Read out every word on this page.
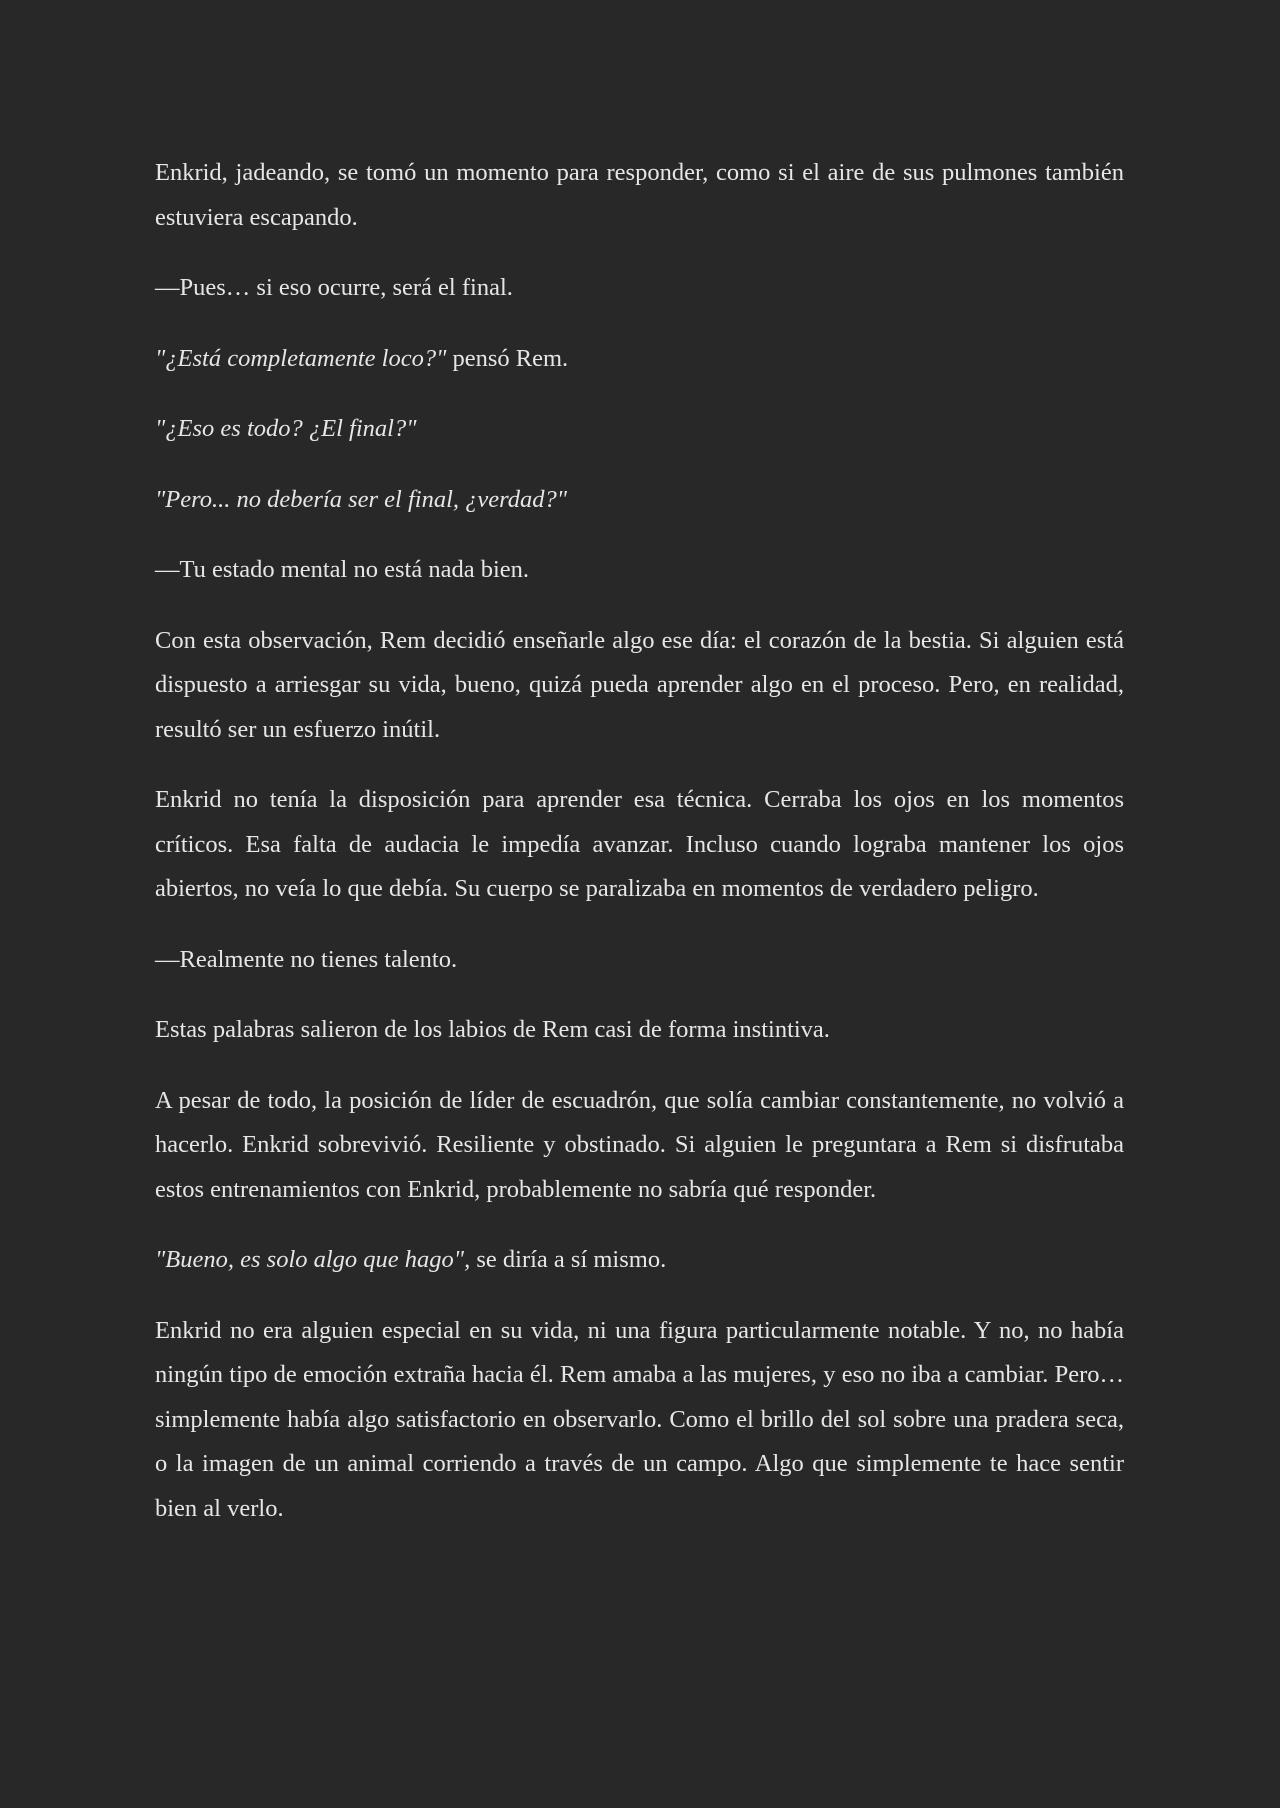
Enkrid, jadeando, se tomó un momento para responder, como si el aire de sus pulmones también estuviera escapando.

—Pues… si eso ocurre, será el final.

"¿Está completamente loco?" pensó Rem.

"¿Eso es todo? ¿El final?"

"Pero... no debería ser el final, ¿verdad?"

—Tu estado mental no está nada bien.

Con esta observación, Rem decidió enseñarle algo ese día: el corazón de la bestia. Si alguien está dispuesto a arriesgar su vida, bueno, quizá pueda aprender algo en el proceso. Pero, en realidad, resultó ser un esfuerzo inútil.

Enkrid no tenía la disposición para aprender esa técnica. Cerraba los ojos en los momentos críticos. Esa falta de audacia le impedía avanzar. Incluso cuando lograba mantener los ojos abiertos, no veía lo que debía. Su cuerpo se paralizaba en momentos de verdadero peligro.

—Realmente no tienes talento.

Estas palabras salieron de los labios de Rem casi de forma instintiva.

A pesar de todo, la posición de líder de escuadrón, que solía cambiar constantemente, no volvió a hacerlo. Enkrid sobrevivió. Resiliente y obstinado. Si alguien le preguntara a Rem si disfrutaba estos entrenamientos con Enkrid, probablemente no sabría qué responder.

"Bueno, es solo algo que hago", se diría a sí mismo.

Enkrid no era alguien especial en su vida, ni una figura particularmente notable. Y no, no había ningún tipo de emoción extraña hacia él. Rem amaba a las mujeres, y eso no iba a cambiar. Pero… simplemente había algo satisfactorio en observarlo. Como el brillo del sol sobre una pradera seca, o la imagen de un animal corriendo a través de un campo. Algo que simplemente te hace sentir bien al verlo.
